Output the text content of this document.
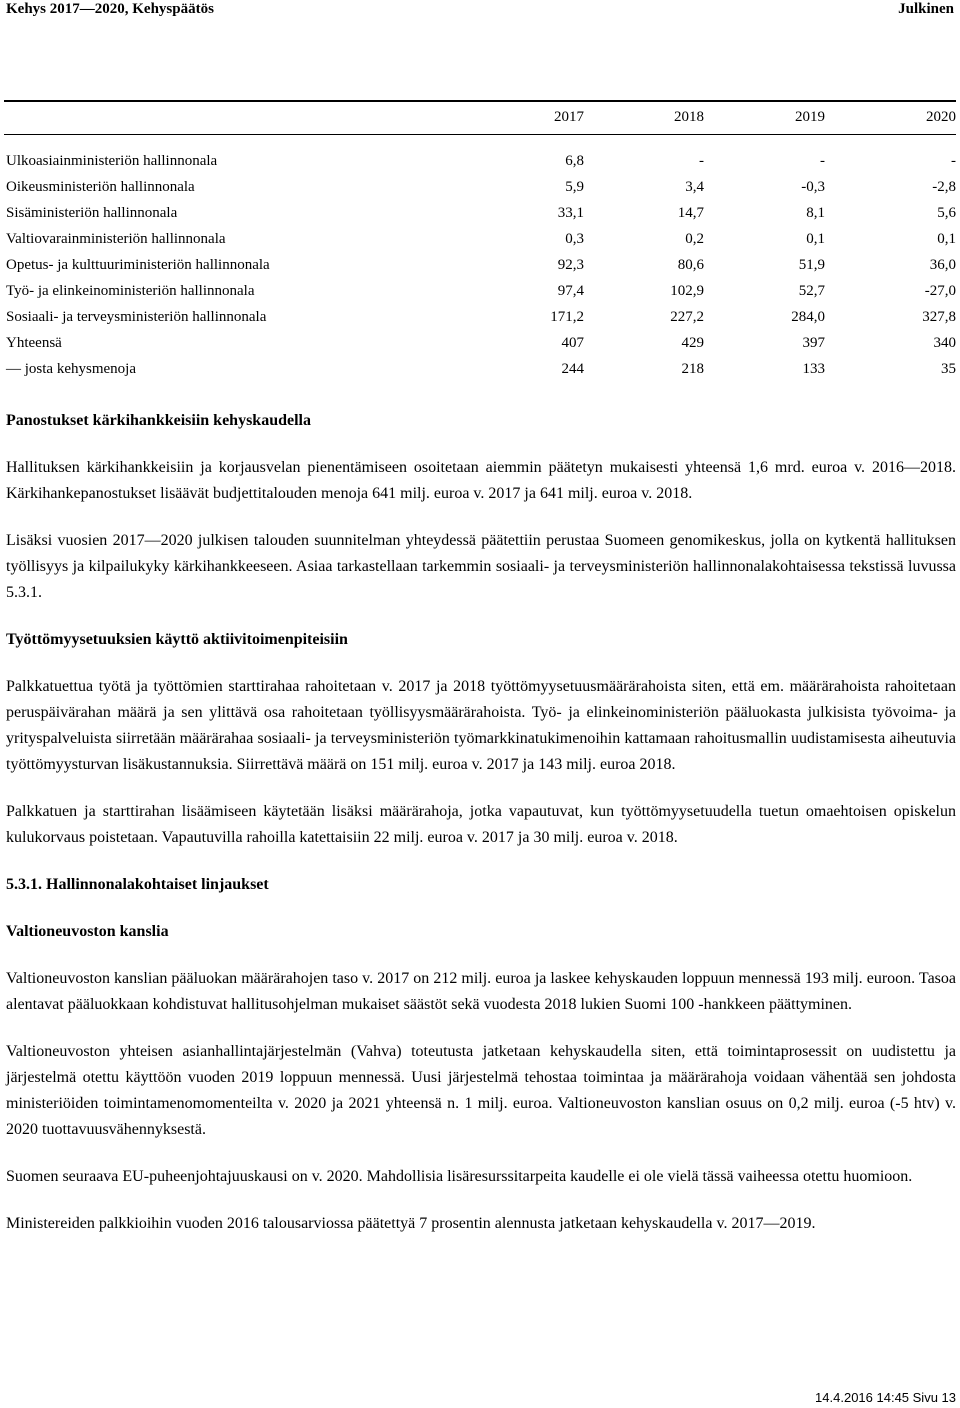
Kehys 2017—2020, Kehyspäätös	Julkinen
	2017	2018	2019	2020

Ulkoasiainministeriön hallinnonala	6,8	-	-	-
Oikeusministeriön hallinnonala	5,9	3,4	-0,3	-2,8
Sisäministeriön hallinnonala	33,1	14,7	8,1	5,6
Valtiovarainministeriön hallinnonala	0,3	0,2	0,1	0,1
Opetus- ja kulttuuriministeriön hallinnonala	92,3	80,6	51,9	36,0
Työ- ja elinkeinoministeriön hallinnonala	97,4	102,9	52,7	-27,0
Sosiaali- ja terveysministeriön hallinnonala	171,2	227,2	284,0	327,8
Yhteensä	407	429	397	340
— josta kehysmenoja	244	218	133	35
Panostukset kärkihankkeisiin kehyskaudella

Hallituksen kärkihankkeisiin ja korjausvelan pienentämiseen osoitetaan aiemmin päätetyn mukaisesti yhteensä 1,6 mrd. euroa v. 2016—2018. Kärkihankepanostukset lisäävät budjettitalouden menoja 641 milj. euroa v. 2017 ja 641 milj. euroa v. 2018.

Lisäksi vuosien 2017—2020 julkisen talouden suunnitelman yhteydessä päätettiin perustaa Suomeen genomikeskus, jolla on kytkentä hallituksen työllisyys ja kilpailukyky kärkihankkeeseen. Asiaa tarkastellaan tarkemmin sosiaali- ja terveysministeriön hallinnonalakohtaisessa tekstissä luvussa 5.3.1.

Työttömyysetuuksien käyttö aktiivitoimenpiteisiin

Palkkatuettua työtä ja työttömien starttirahaa rahoitetaan v. 2017 ja 2018 työttömyysetuusmäärärahoista siten, että em. määrärahoista rahoitetaan peruspäivärahan määrä ja sen ylittävä osa rahoitetaan työllisyysmäärärahoista. Työ- ja elinkeinoministeriön pääluokasta julkisista työvoima- ja yrityspalveluista siirretään määrärahaa sosiaali- ja terveysministeriön työmarkkinatukimenoihin kattamaan rahoitusmallin uudistamisesta aiheutuvia työttömyysturvan lisäkustannuksia. Siirrettävä määrä on 151 milj. euroa v. 2017 ja 143 milj. euroa 2018.

Palkkatuen ja starttirahan lisäämiseen käytetään lisäksi määrärahoja, jotka vapautuvat, kun työttömyysetuudella tuetun omaehtoisen opiskelun kulukorvaus poistetaan. Vapautuvilla rahoilla katettaisiin 22 milj. euroa v. 2017 ja 30 milj. euroa v. 2018.

5.3.1. Hallinnonalakohtaiset linjaukset
Valtioneuvoston kanslia

Valtioneuvoston kanslian pääluokan määrärahojen taso v. 2017 on 212 milj. euroa ja laskee kehyskauden loppuun mennessä 193 milj. euroon. Tasoa alentavat pääluokkaan kohdistuvat hallitusohjelman mukaiset säästöt sekä vuodesta 2018 lukien Suomi 100 -hankkeen päättyminen.

Valtioneuvoston yhteisen asianhallintajärjestelmän (Vahva) toteutusta jatketaan kehyskaudella siten, että toimintaprosessit on uudistettu ja järjestelmä otettu käyttöön vuoden 2019 loppuun mennessä. Uusi järjestelmä tehostaa toimintaa ja määrärahoja voidaan vähentää sen johdosta ministeriöiden toimintamenomomenteilta v. 2020 ja 2021 yhteensä n. 1 milj. euroa. Valtioneuvoston kanslian osuus on 0,2 milj. euroa (-5 htv) v. 2020 tuottavuusvähennyksestä.

Suomen seuraava EU-puheenjohtajuuskausi on v. 2020. Mahdollisia lisäresurssitarpeita kaudelle ei ole vielä tässä vaiheessa otettu huomioon.

Ministereiden palkkioihin vuoden 2016 talousarviossa päätettyä 7 prosentin alennusta jatketaan kehyskaudella v. 2017—2019.

14.4.2016 14:45 Sivu 13
